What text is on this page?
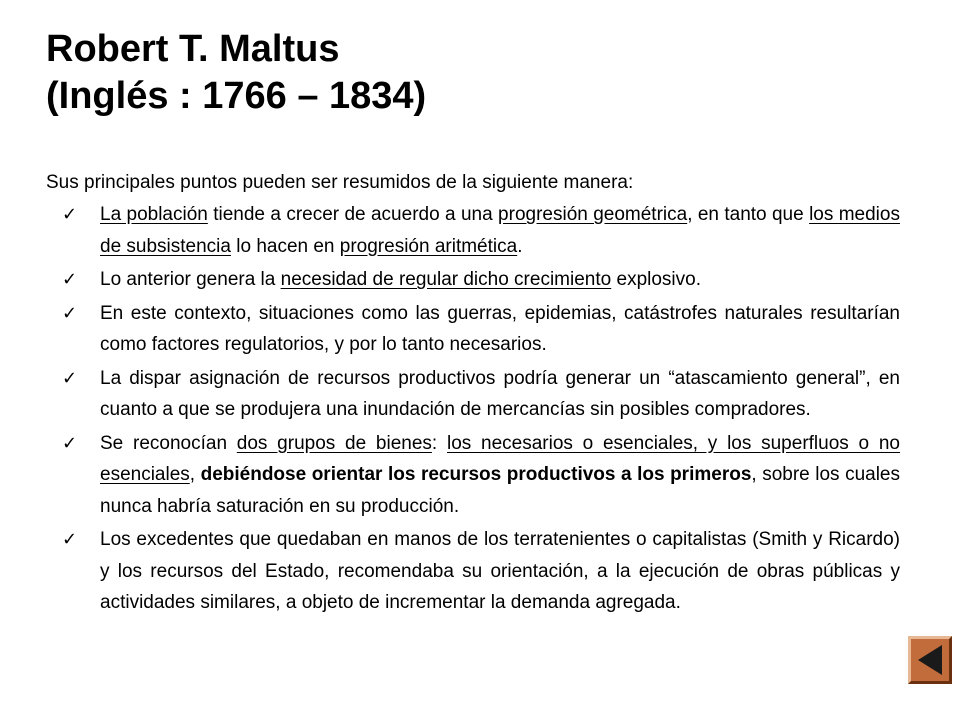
Robert T. Maltus
(Inglés : 1766 – 1834)

Sus principales puntos pueden ser resumidos de la siguiente manera:

✓ La población tiende a crecer de acuerdo a una progresión geométrica, en tanto que los medios de subsistencia lo hacen en progresión aritmética.
✓ Lo anterior genera la necesidad de regular dicho crecimiento explosivo.
✓ En este contexto, situaciones como las guerras, epidemias, catástrofes naturales resultarían como factores regulatorios, y por lo tanto necesarios.
✓ La dispar asignación de recursos productivos podría generar un “atascamiento general”, en cuanto a que se produjera una inundación de mercancías sin posibles compradores.
✓ Se reconocían dos grupos de bienes: los necesarios o esenciales, y los superfluos o no esenciales, debiéndose orientar los recursos productivos a los primeros, sobre los cuales nunca habría saturación en su producción.
✓ Los excedentes que quedaban en manos de los terratenientes o capitalistas (Smith y Ricardo) y los recursos del Estado, recomendaba su orientación, a la ejecución de obras públicas y actividades similares, a objeto de incrementar la demanda agregada.
